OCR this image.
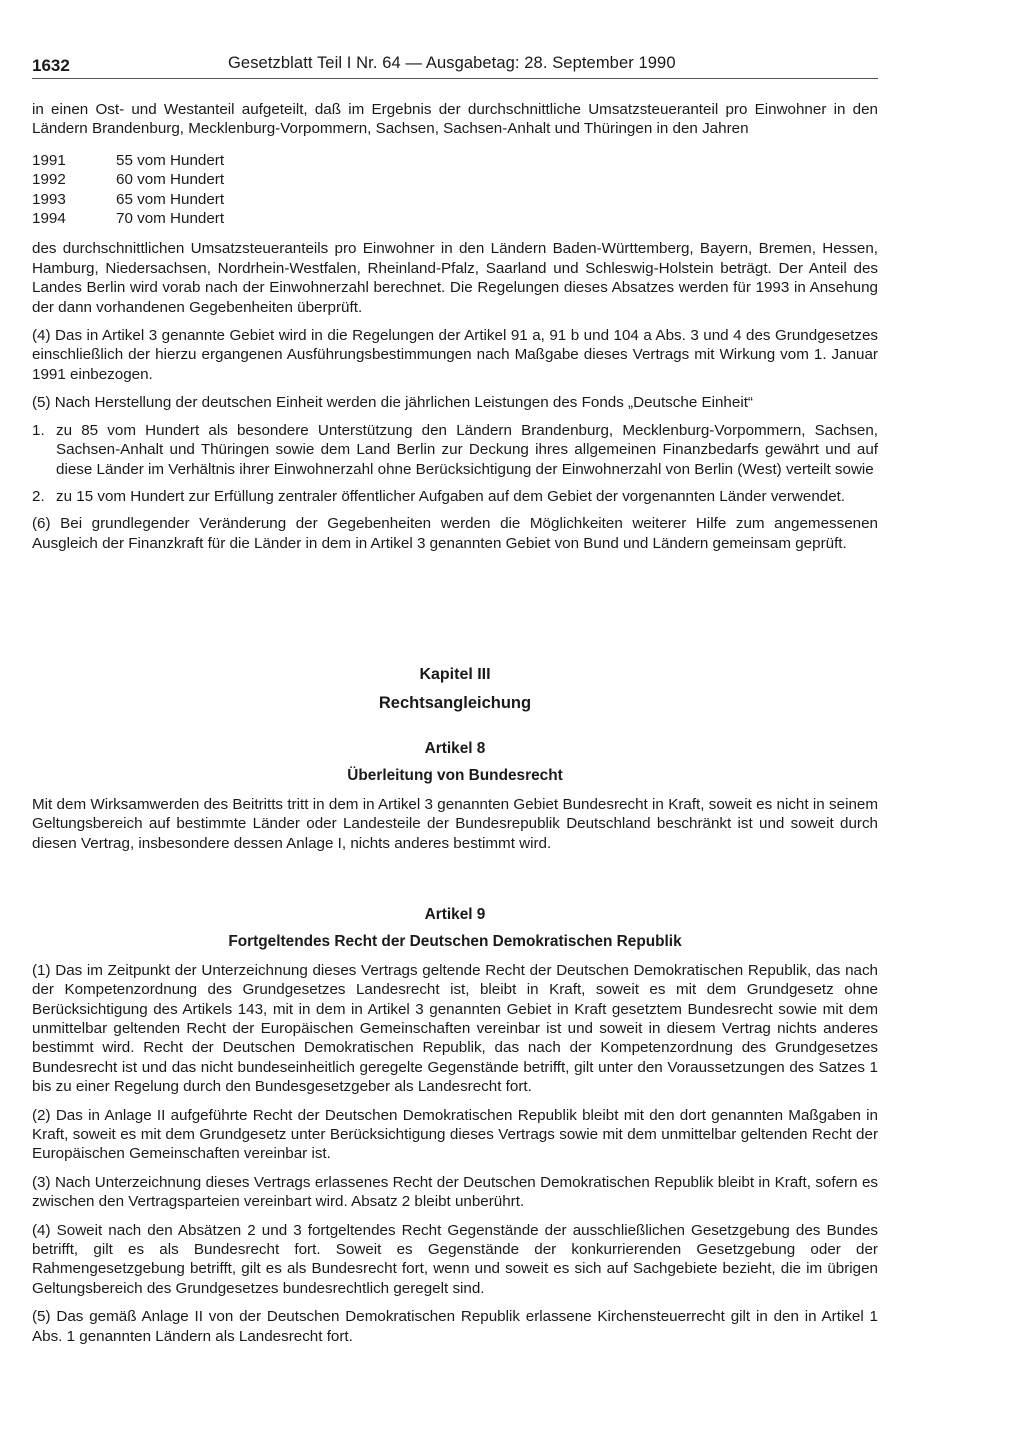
1632	Gesetzblatt Teil I Nr. 64 — Ausgabetag: 28. September 1990

in einen Ost- und Westanteil aufgeteilt, daß im Ergebnis der durchschnittliche Umsatzsteueranteil pro Einwohner in den Ländern Brandenburg, Mecklenburg-Vorpommern, Sachsen, Sachsen-Anhalt und Thüringen in den Jahren

1991	55 vom Hundert
1992	60 vom Hundert
1993	65 vom Hundert
1994	70 vom Hundert

des durchschnittlichen Umsatzsteueranteils pro Einwohner in den Ländern Baden-Württemberg, Bayern, Bremen, Hessen, Hamburg, Niedersachsen, Nordrhein-Westfalen, Rheinland-Pfalz, Saarland und Schleswig-Holstein beträgt. Der Anteil des Landes Berlin wird vorab nach der Einwohnerzahl berechnet. Die Regelungen dieses Absatzes werden für 1993 in Ansehung der dann vorhandenen Gegebenheiten überprüft.

(4) Das in Artikel 3 genannte Gebiet wird in die Regelungen der Artikel 91 a, 91 b und 104 a Abs. 3 und 4 des Grundgesetzes einschließlich der hierzu ergangenen Ausführungsbestimmungen nach Maßgabe dieses Vertrags mit Wirkung vom 1. Januar 1991 einbezogen.

(5) Nach Herstellung der deutschen Einheit werden die jährlichen Leistungen des Fonds „Deutsche Einheit“

1. zu 85 vom Hundert als besondere Unterstützung den Ländern Brandenburg, Mecklenburg-Vorpommern, Sachsen, Sachsen-Anhalt und Thüringen sowie dem Land Berlin zur Deckung ihres allgemeinen Finanzbedarfs gewährt und auf diese Länder im Verhältnis ihrer Einwohnerzahl ohne Berücksichtigung der Einwohnerzahl von Berlin (West) verteilt sowie
2. zu 15 vom Hundert zur Erfüllung zentraler öffentlicher Aufgaben auf dem Gebiet der vorgenannten Länder verwendet.

(6) Bei grundlegender Veränderung der Gegebenheiten werden die Möglichkeiten weiterer Hilfe zum angemessenen Ausgleich der Finanzkraft für die Länder in dem in Artikel 3 genannten Gebiet von Bund und Ländern gemeinsam geprüft.

Kapitel III
Rechtsangleichung
Artikel 8
Überleitung von Bundesrecht

Mit dem Wirksamwerden des Beitritts tritt in dem in Artikel 3 genannten Gebiet Bundesrecht in Kraft, soweit es nicht in seinem Geltungsbereich auf bestimmte Länder oder Landesteile der Bundesrepublik Deutschland beschränkt ist und soweit durch diesen Vertrag, insbesondere dessen Anlage I, nichts anderes bestimmt wird.

Artikel 9
Fortgeltendes Recht der Deutschen Demokratischen Republik

(1) Das im Zeitpunkt der Unterzeichnung dieses Vertrags geltende Recht der Deutschen Demokratischen Republik, das nach der Kompetenzordnung des Grundgesetzes Landesrecht ist, bleibt in Kraft, soweit es mit dem Grundgesetz ohne Berücksichtigung des Artikels 143, mit in dem in Artikel 3 genannten Gebiet in Kraft gesetztem Bundesrecht sowie mit dem unmittelbar geltenden Recht der Europäischen Gemeinschaften vereinbar ist und soweit in diesem Vertrag nichts anderes bestimmt wird. Recht der Deutschen Demokratischen Republik, das nach der Kompetenzordnung des Grundgesetzes Bundesrecht ist und das nicht bundeseinheitlich geregelte Gegenstände betrifft, gilt unter den Voraussetzungen des Satzes 1 bis zu einer Regelung durch den Bundesgesetzgeber als Landesrecht fort.

(2) Das in Anlage II aufgeführte Recht der Deutschen Demokratischen Republik bleibt mit den dort genannten Maßgaben in Kraft, soweit es mit dem Grundgesetz unter Berücksichtigung dieses Vertrags sowie mit dem unmittelbar geltenden Recht der Europäischen Gemeinschaften vereinbar ist.

(3) Nach Unterzeichnung dieses Vertrags erlassenes Recht der Deutschen Demokratischen Republik bleibt in Kraft, sofern es zwischen den Vertragsparteien vereinbart wird. Absatz 2 bleibt unberührt.

(4) Soweit nach den Absätzen 2 und 3 fortgeltendes Recht Gegenstände der ausschließlichen Gesetzgebung des Bundes betrifft, gilt es als Bundesrecht fort. Soweit es Gegenstände der konkurrierenden Gesetzgebung oder der Rahmengesetzgebung betrifft, gilt es als Bundesrecht fort, wenn und soweit es sich auf Sachgebiete bezieht, die im übrigen Geltungsbereich des Grundgesetzes bundesrechtlich geregelt sind.

(5) Das gemäß Anlage II von der Deutschen Demokratischen Republik erlassene Kirchensteuerrecht gilt in den in Artikel 1 Abs. 1 genannten Ländern als Landesrecht fort.
